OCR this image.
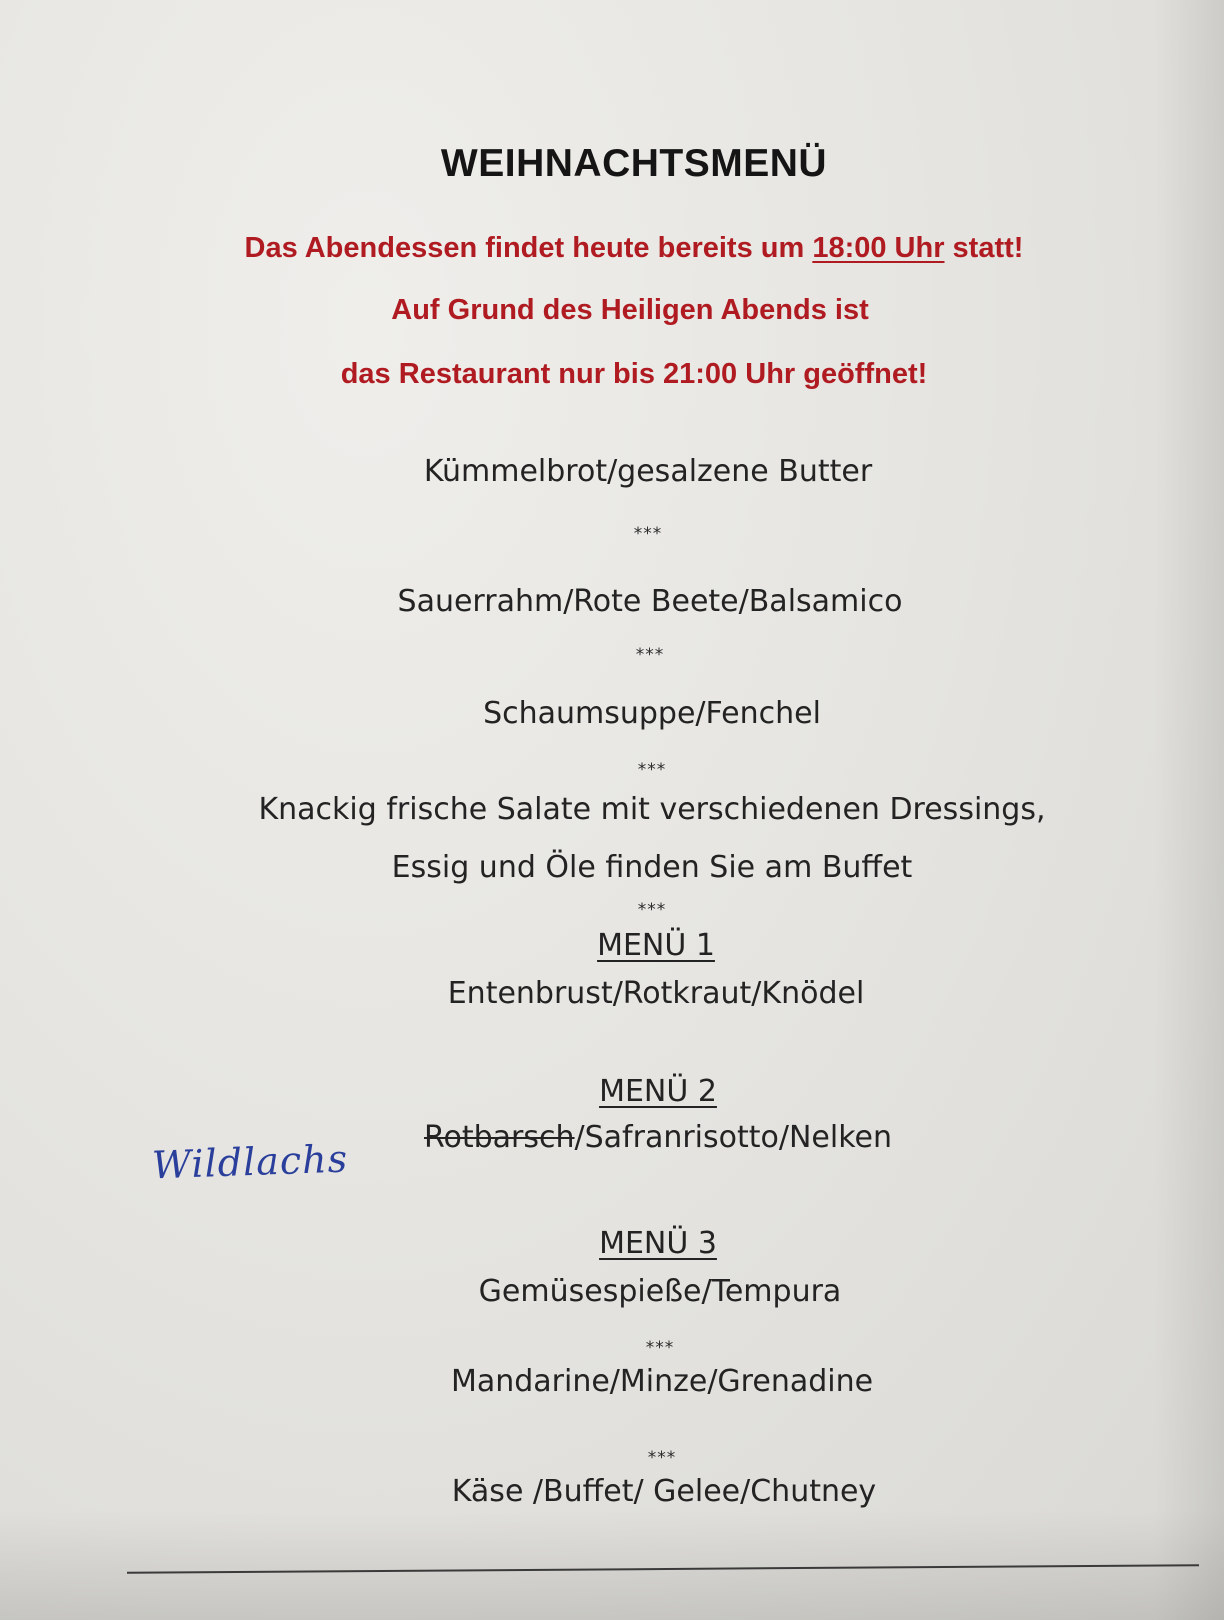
WEIHNACHTSMENÜ
Das Abendessen findet heute bereits um 18:00 Uhr statt!
Auf Grund des Heiligen Abends ist
das Restaurant nur bis 21:00 Uhr geöffnet!
Kümmelbrot/gesalzene Butter
***
Sauerrahm/Rote Beete/Balsamico
***
Schaumsuppe/Fenchel
***
Knackig frische Salate mit verschiedenen Dressings,
Essig und Öle finden Sie am Buffet
***
MENÜ 1
Entenbrust/Rotkraut/Knödel
MENÜ 2
Rotbarsch/Safranrisotto/Nelken
Wildlachs
MENÜ 3
Gemüsespieße/Tempura
***
Mandarine/Minze/Grenadine
***
Käse /Buffet/ Gelee/Chutney
